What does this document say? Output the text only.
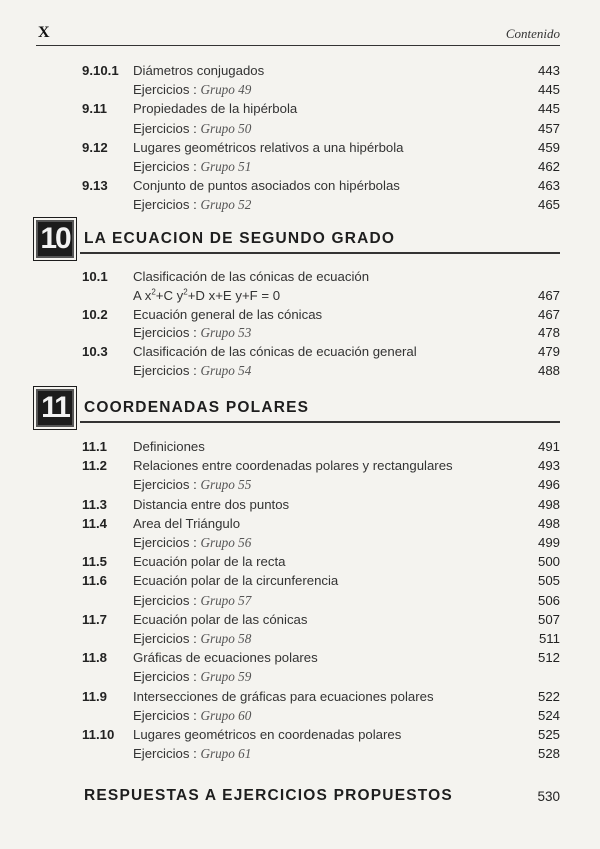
X	Contenido
9.10.1 Diámetros conjugados	443
Ejercicios : Grupo 49	445
9.11 Propiedades de la hipérbola	445
Ejercicios : Grupo 50	457
9.12 Lugares geométricos relativos a una hipérbola	459
Ejercicios : Grupo 51	462
9.13 Conjunto de puntos asociados con hipérbolas	463
Ejercicios : Grupo 52	465
10 LA ECUACION DE SEGUNDO GRADO
10.1 Clasificación de las cónicas de ecuación
A $x^2+C$ $y^2+D$ x+E y+F = 0	467
10.2 Ecuación general de las cónicas	467
Ejercicios : Grupo 53	478
10.3 Clasificación de las cónicas de ecuación general	479
Ejercicios : Grupo 54	488
11 COORDENADAS POLARES
11.1 Definiciones	491
11.2 Relaciones entre coordenadas polares y rectangulares	493
Ejercicios : Grupo 55	496
11.3 Distancia entre dos puntos	498
11.4 Area del Triángulo	498
Ejercicios : Grupo 56	499
11.5 Ecuación polar de la recta	500
11.6 Ecuación polar de la circunferencia	505
Ejercicios : Grupo 57	506
11.7 Ecuación polar de las cónicas	507
Ejercicios : Grupo 58	511
11.8 Gráficas de ecuaciones polares	512
Ejercicios : Grupo 59
11.9 Intersecciones de gráficas para ecuaciones polares	522
Ejercicios : Grupo 60	524
11.10 Lugares geométricos en coordenadas polares	525
Ejercicios : Grupo 61	528
RESPUESTAS A EJERCICIOS PROPUESTOS	530
